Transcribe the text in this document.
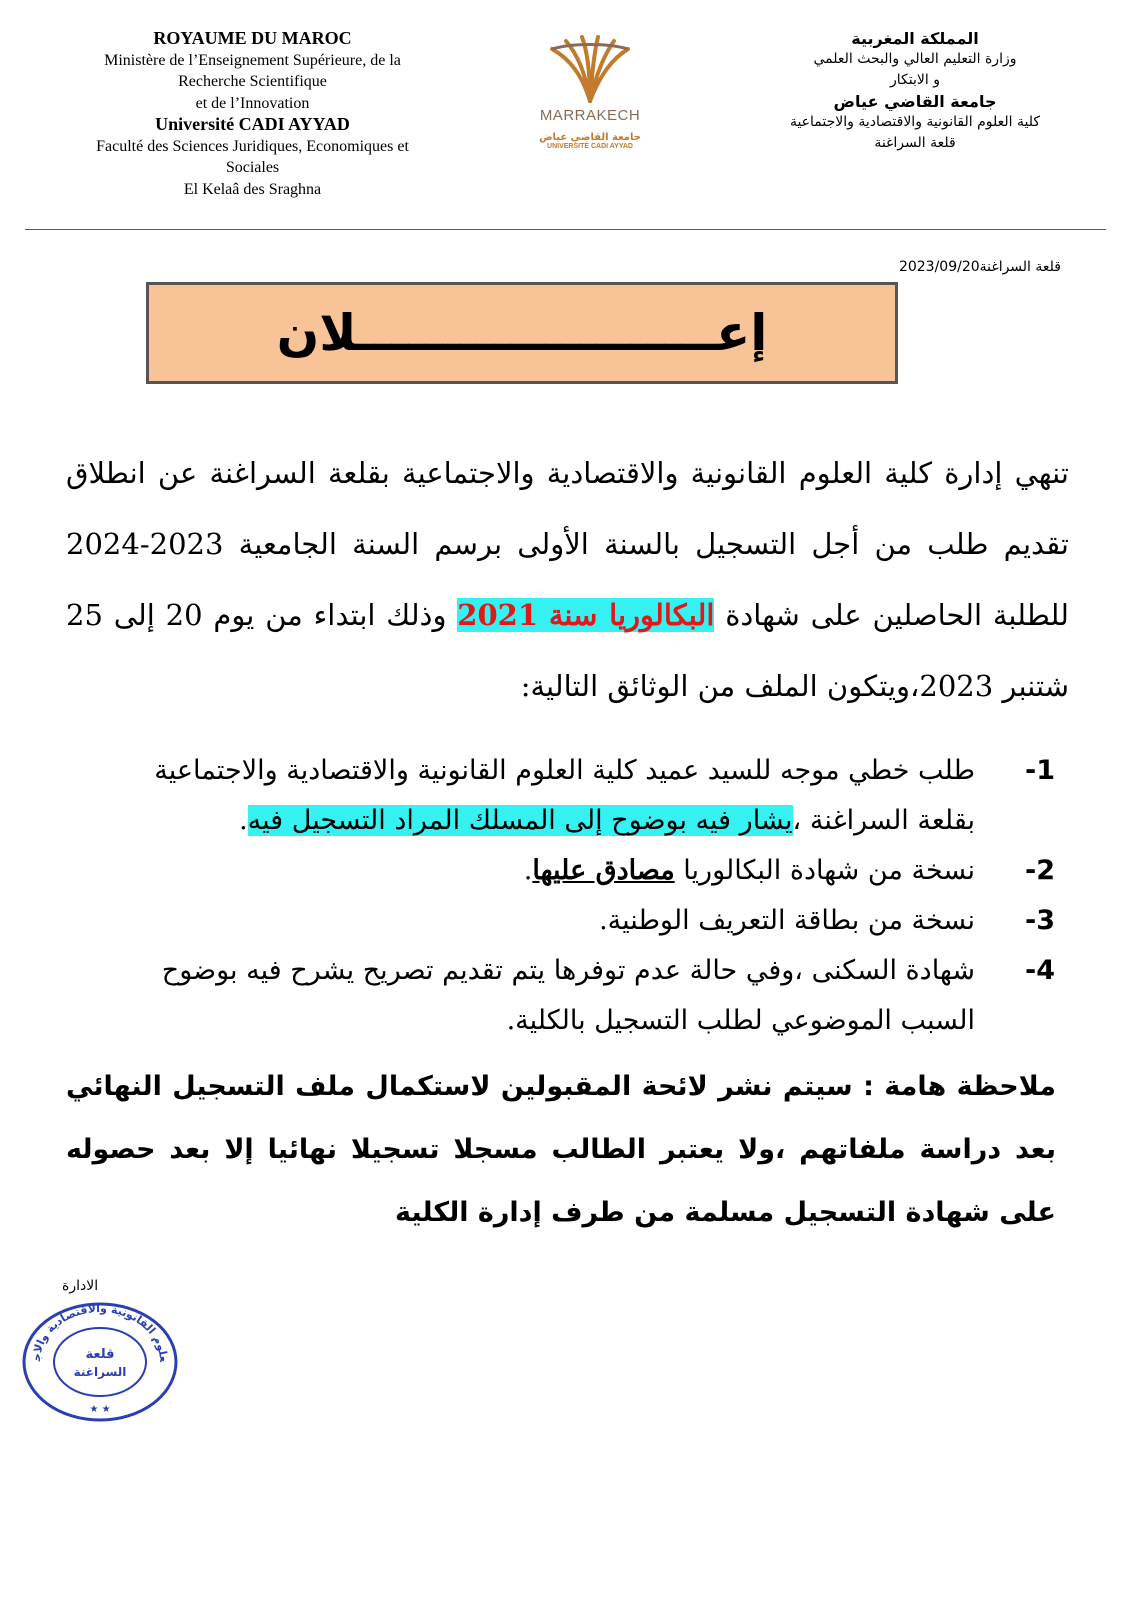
ROYAUME DU MAROC
Ministère de l’Enseignement Supérieure, de la
Recherche Scientifique
et de l’Innovation
Université CADI AYYAD
Faculté des Sciences Juridiques, Economiques et
Sociales
El Kelaâ des Sraghna
MARRAKECH
جامعة القاضي عياض
UNIVERSITÉ CADI AYYAD
المملكة المغربية
وزارة التعليم العالي والبحث العلمي
و الابتكار
جامعة القاضي عياض
كلية العلوم القانونية والاقتصادية والاجتماعية
قلعة السراغنة
قلعة السراغنة2023/09/20
إعـــــــــــــــــــــلان

تنهي إدارة كلية العلوم القانونية والاقتصادية والاجتماعية بقلعة السراغنة عن انطلاق تقديم طلب من أجل التسجيل بالسنة الأولى برسم السنة الجامعية 2023-2024 للطلبة الحاصلين على شهادة البكالوريا سنة 2021 وذلك ابتداء من يوم 20 إلى 25 شتنبر 2023،ويتكون الملف من الوثائق التالية:

-1
طلب خطي موجه للسيد عميد كلية العلوم القانونية والاقتصادية والاجتماعية بقلعة السراغنة ،يشار فيه بوضوح إلى المسلك المراد التسجيل فيه.
-2
نسخة من شهادة البكالوريا مصادق عليها.
-3
نسخة من بطاقة التعريف الوطنية.
-4
شهادة السكنى ،وفي حالة عدم توفرها يتم تقديم تصريح يشرح فيه بوضوح السبب الموضوعي لطلب التسجيل بالكلية.
ملاحظة هامة : سيتم نشر لائحة المقبولين لاستكمال ملف التسجيل النهائي بعد دراسة ملفاتهم ،ولا يعتبر الطالب مسجلا تسجيلا نهائيا إلا بعد حصوله على شهادة التسجيل مسلمة من طرف إدارة الكلية
الادارة
علوم القانونية والاقتصادية والاجتماعية
قلعة
السراغنة
★ ★
